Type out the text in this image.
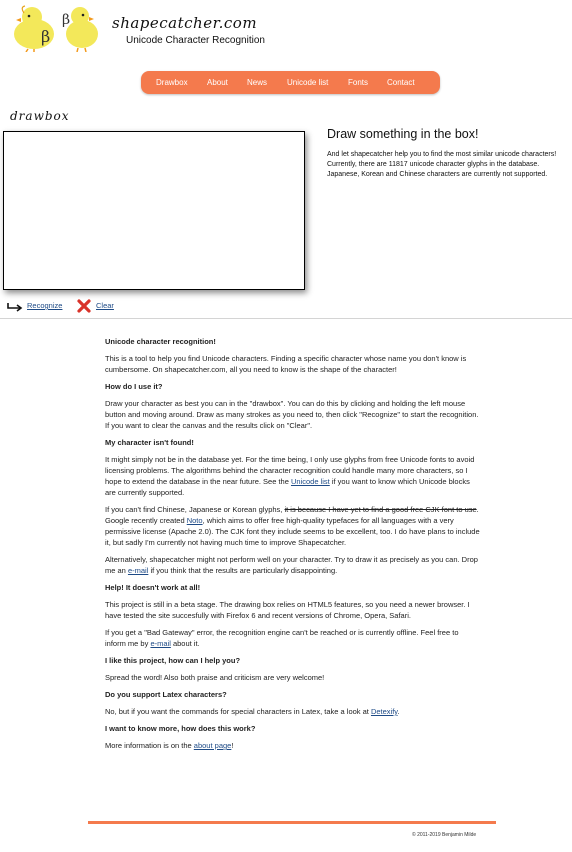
β
β	shapecatcher.com
Unicode Character Recognition
Drawbox About News Unicode list Fonts Contact
drawbox
Draw something in the box!

And let shapecatcher help you to find the most similar unicode characters!

Currently, there are 11817 unicode character glyphs in the database. Japanese, Korean and Chinese characters are currently not supported.

Recognize	Clear
Unicode character recognition!

This is a tool to help you find Unicode characters. Finding a specific character whose name you don't know is cumbersome. On shapecatcher.com, all you need to know is the shape of the character!

How do I use it?

Draw your character as best you can in the "drawbox". You can do this by clicking and holding the left mouse button and moving around. Draw as many strokes as you need to, then click "Recognize" to start the recognition. If you want to clear the canvas and the results click on "Clear".

My character isn't found!

It might simply not be in the database yet. For the time being, I only use glyphs from free Unicode fonts to avoid licensing problems. The algorithms behind the character recognition could handle many more characters, so I hope to extend the database in the near future. See the Unicode list if you want to know which Unicode blocks are currently supported.

If you can't find Chinese, Japanese or Korean glyphs, it is because I have yet to find a good free CJK font to use. Google recently created Noto, which aims to offer free high-quality typefaces for all languages with a very permissive license (Apache 2.0). The CJK font they include seems to be excellent, too. I do have plans to include it, but sadly I'm currently not having much time to improve Shapecatcher.

Alternatively, shapecatcher might not perform well on your character. Try to draw it as precisely as you can. Drop me an e-mail if you think that the results are particularly disappointing.

Help! It doesn't work at all!

This project is still in a beta stage. The drawing box relies on HTML5 features, so you need a newer browser. I have tested the site succesfully with Firefox 6 and recent versions of Chrome, Opera, Safari.

If you get a "Bad Gateway" error, the recognition engine can't be reached or is currently offline. Feel free to inform me by e-mail about it.

I like this project, how can I help you?

Spread the word! Also both praise and criticism are very welcome!

Do you support Latex characters?

No, but if you want the commands for special characters in Latex, take a look at Detexify.

I want to know more, how does this work?

More information is on the about page!

© 2011-2019 Benjamin Milde
